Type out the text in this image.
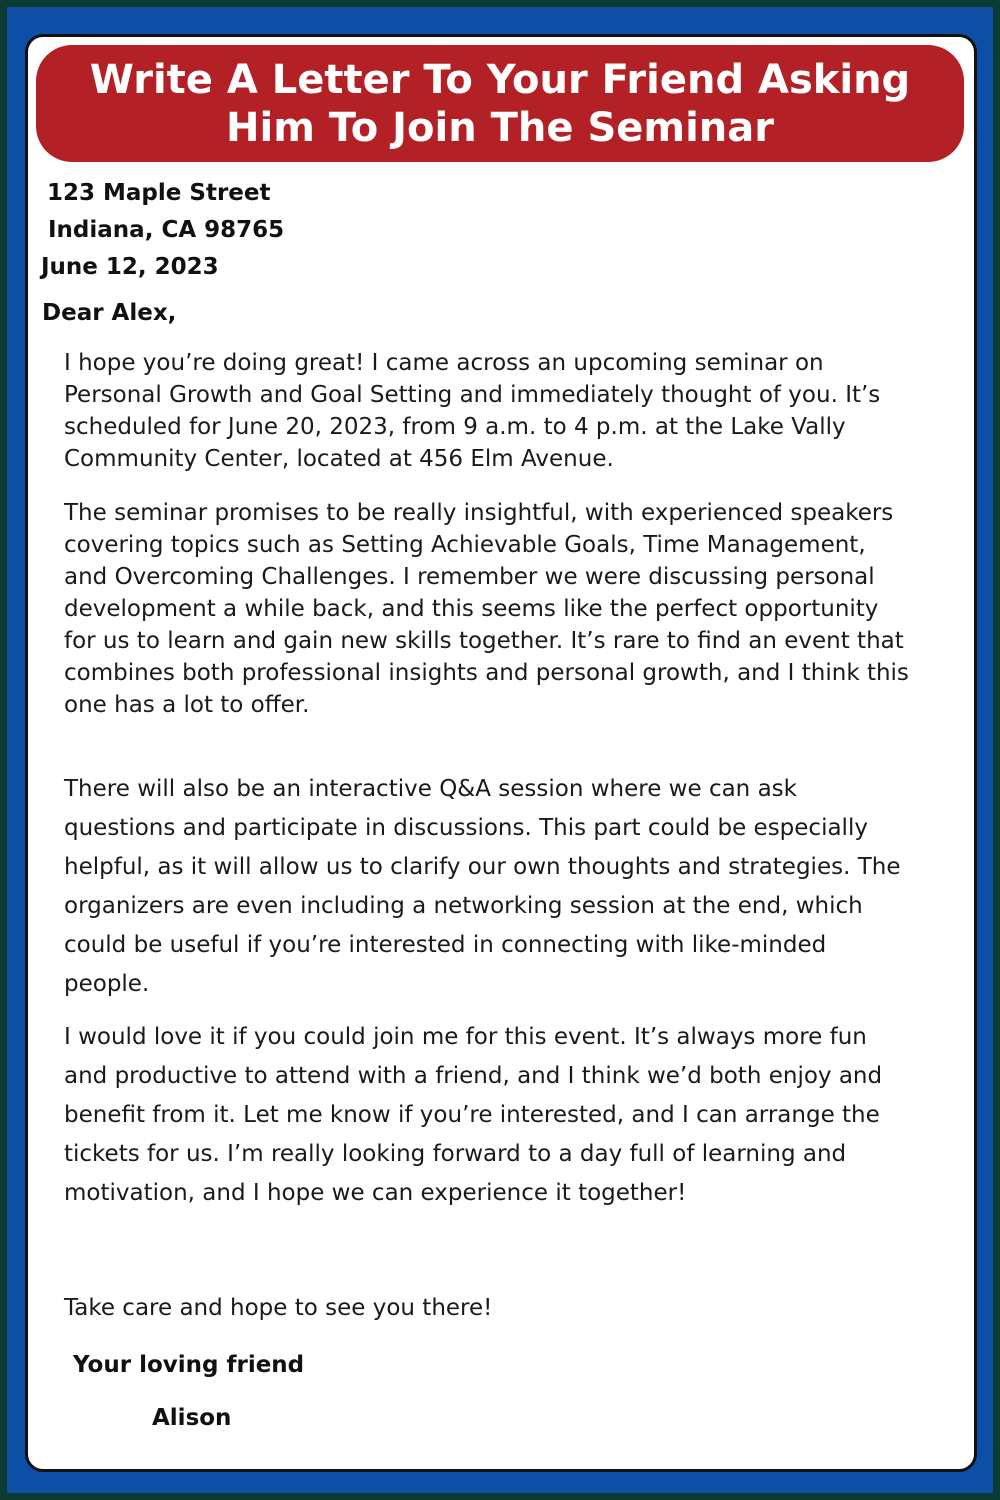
Write A Letter To Your Friend Asking
Him To Join The Seminar
123 Maple Street
Indiana, CA 98765
June 12, 2023
Dear Alex,

I hope you’re doing great! I came across an upcoming seminar on Personal Growth and Goal Setting and immediately thought of you. It’s scheduled for June 20, 2023, from 9 a.m. to 4 p.m. at the Lake Vally Community Center, located at 456 Elm Avenue.

The seminar promises to be really insightful, with experienced speakers covering topics such as Setting Achievable Goals, Time Management, and Overcoming Challenges. I remember we were discussing personal development a while back, and this seems like the perfect opportunity for us to learn and gain new skills together. It’s rare to find an event that combines both professional insights and personal growth, and I think this one has a lot to offer.

There will also be an interactive Q&A session where we can ask questions and participate in discussions. This part could be especially helpful, as it will allow us to clarify our own thoughts and strategies. The organizers are even including a networking session at the end, which could be useful if you’re interested in connecting with like-minded people.

I would love it if you could join me for this event. It’s always more fun and productive to attend with a friend, and I think we’d both enjoy and benefit from it. Let me know if you’re interested, and I can arrange the tickets for us. I’m really looking forward to a day full of learning and motivation, and I hope we can experience it together!

Take care and hope to see you there!
Your loving friend
Alison
